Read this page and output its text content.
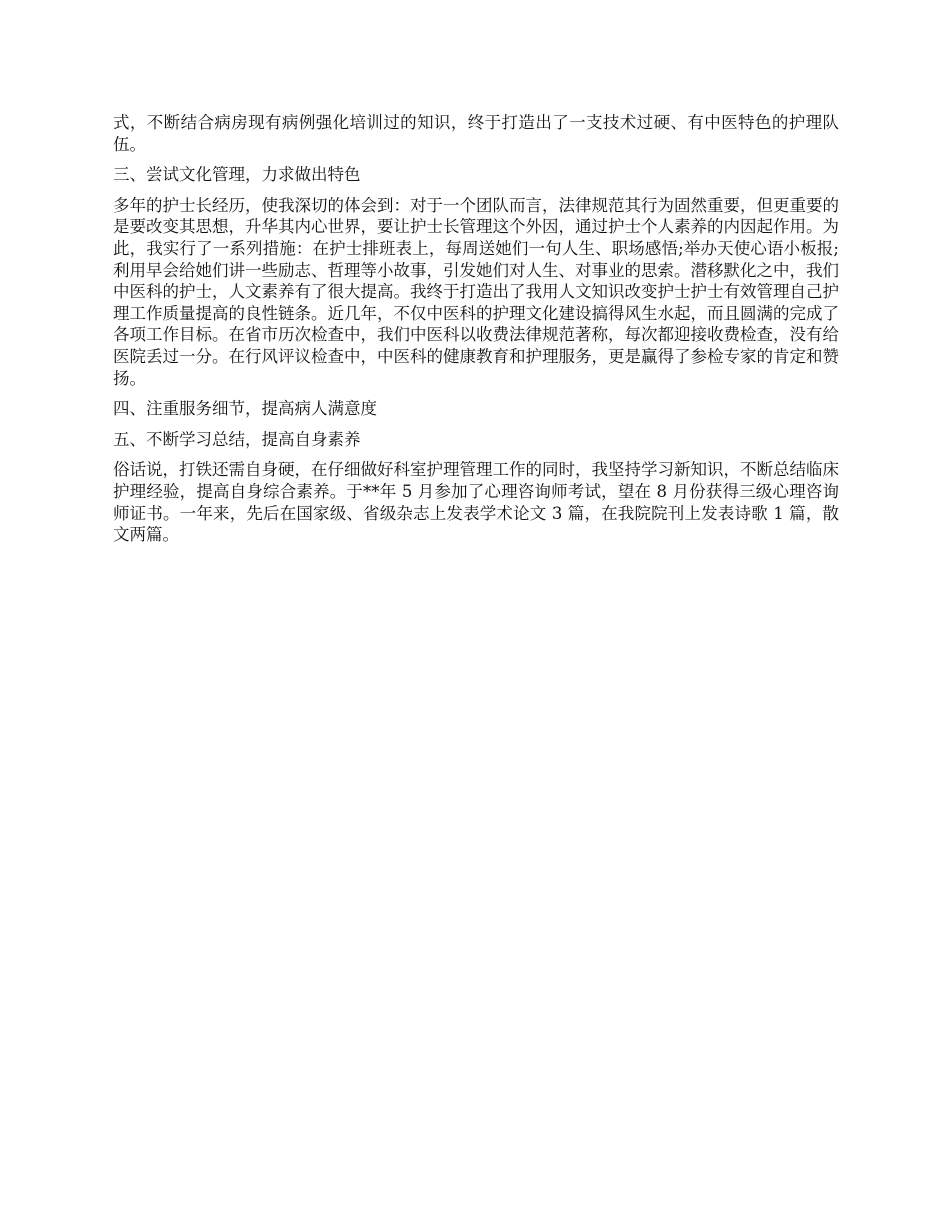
式，不断结合病房现有病例强化培训过的知识，终于打造出了一支技术过硬、有中医特色的护理队伍。

三、尝试文化管理，力求做出特色

多年的护士长经历，使我深切的体会到：对于一个团队而言，法律规范其行为固然重要，但更重要的是要改变其思想，升华其内心世界，要让护士长管理这个外因，通过护士个人素养的内因起作用。为此，我实行了一系列措施：在护士排班表上，每周送她们一句人生、职场感悟;举办天使心语小板报;利用早会给她们讲一些励志、哲理等小故事，引发她们对人生、对事业的思索。潜移默化之中，我们中医科的护士，人文素养有了很大提高。我终于打造出了我用人文知识改变护士护士有效管理自己护理工作质量提高的良性链条。近几年，不仅中医科的护理文化建设搞得风生水起，而且圆满的完成了各项工作目标。在省市历次检查中，我们中医科以收费法律规范著称，每次都迎接收费检查，没有给医院丢过一分。在行风评议检查中，中医科的健康教育和护理服务，更是赢得了参检专家的肯定和赞扬。

四、注重服务细节，提高病人满意度

五、不断学习总结，提高自身素养

俗话说，打铁还需自身硬，在仔细做好科室护理管理工作的同时，我坚持学习新知识，不断总结临床护理经验，提高自身综合素养。于**年 5 月参加了心理咨询师考试，望在 8 月份获得三级心理咨询师证书。一年来，先后在国家级、省级杂志上发表学术论文 3 篇，在我院院刊上发表诗歌 1 篇，散文两篇。
